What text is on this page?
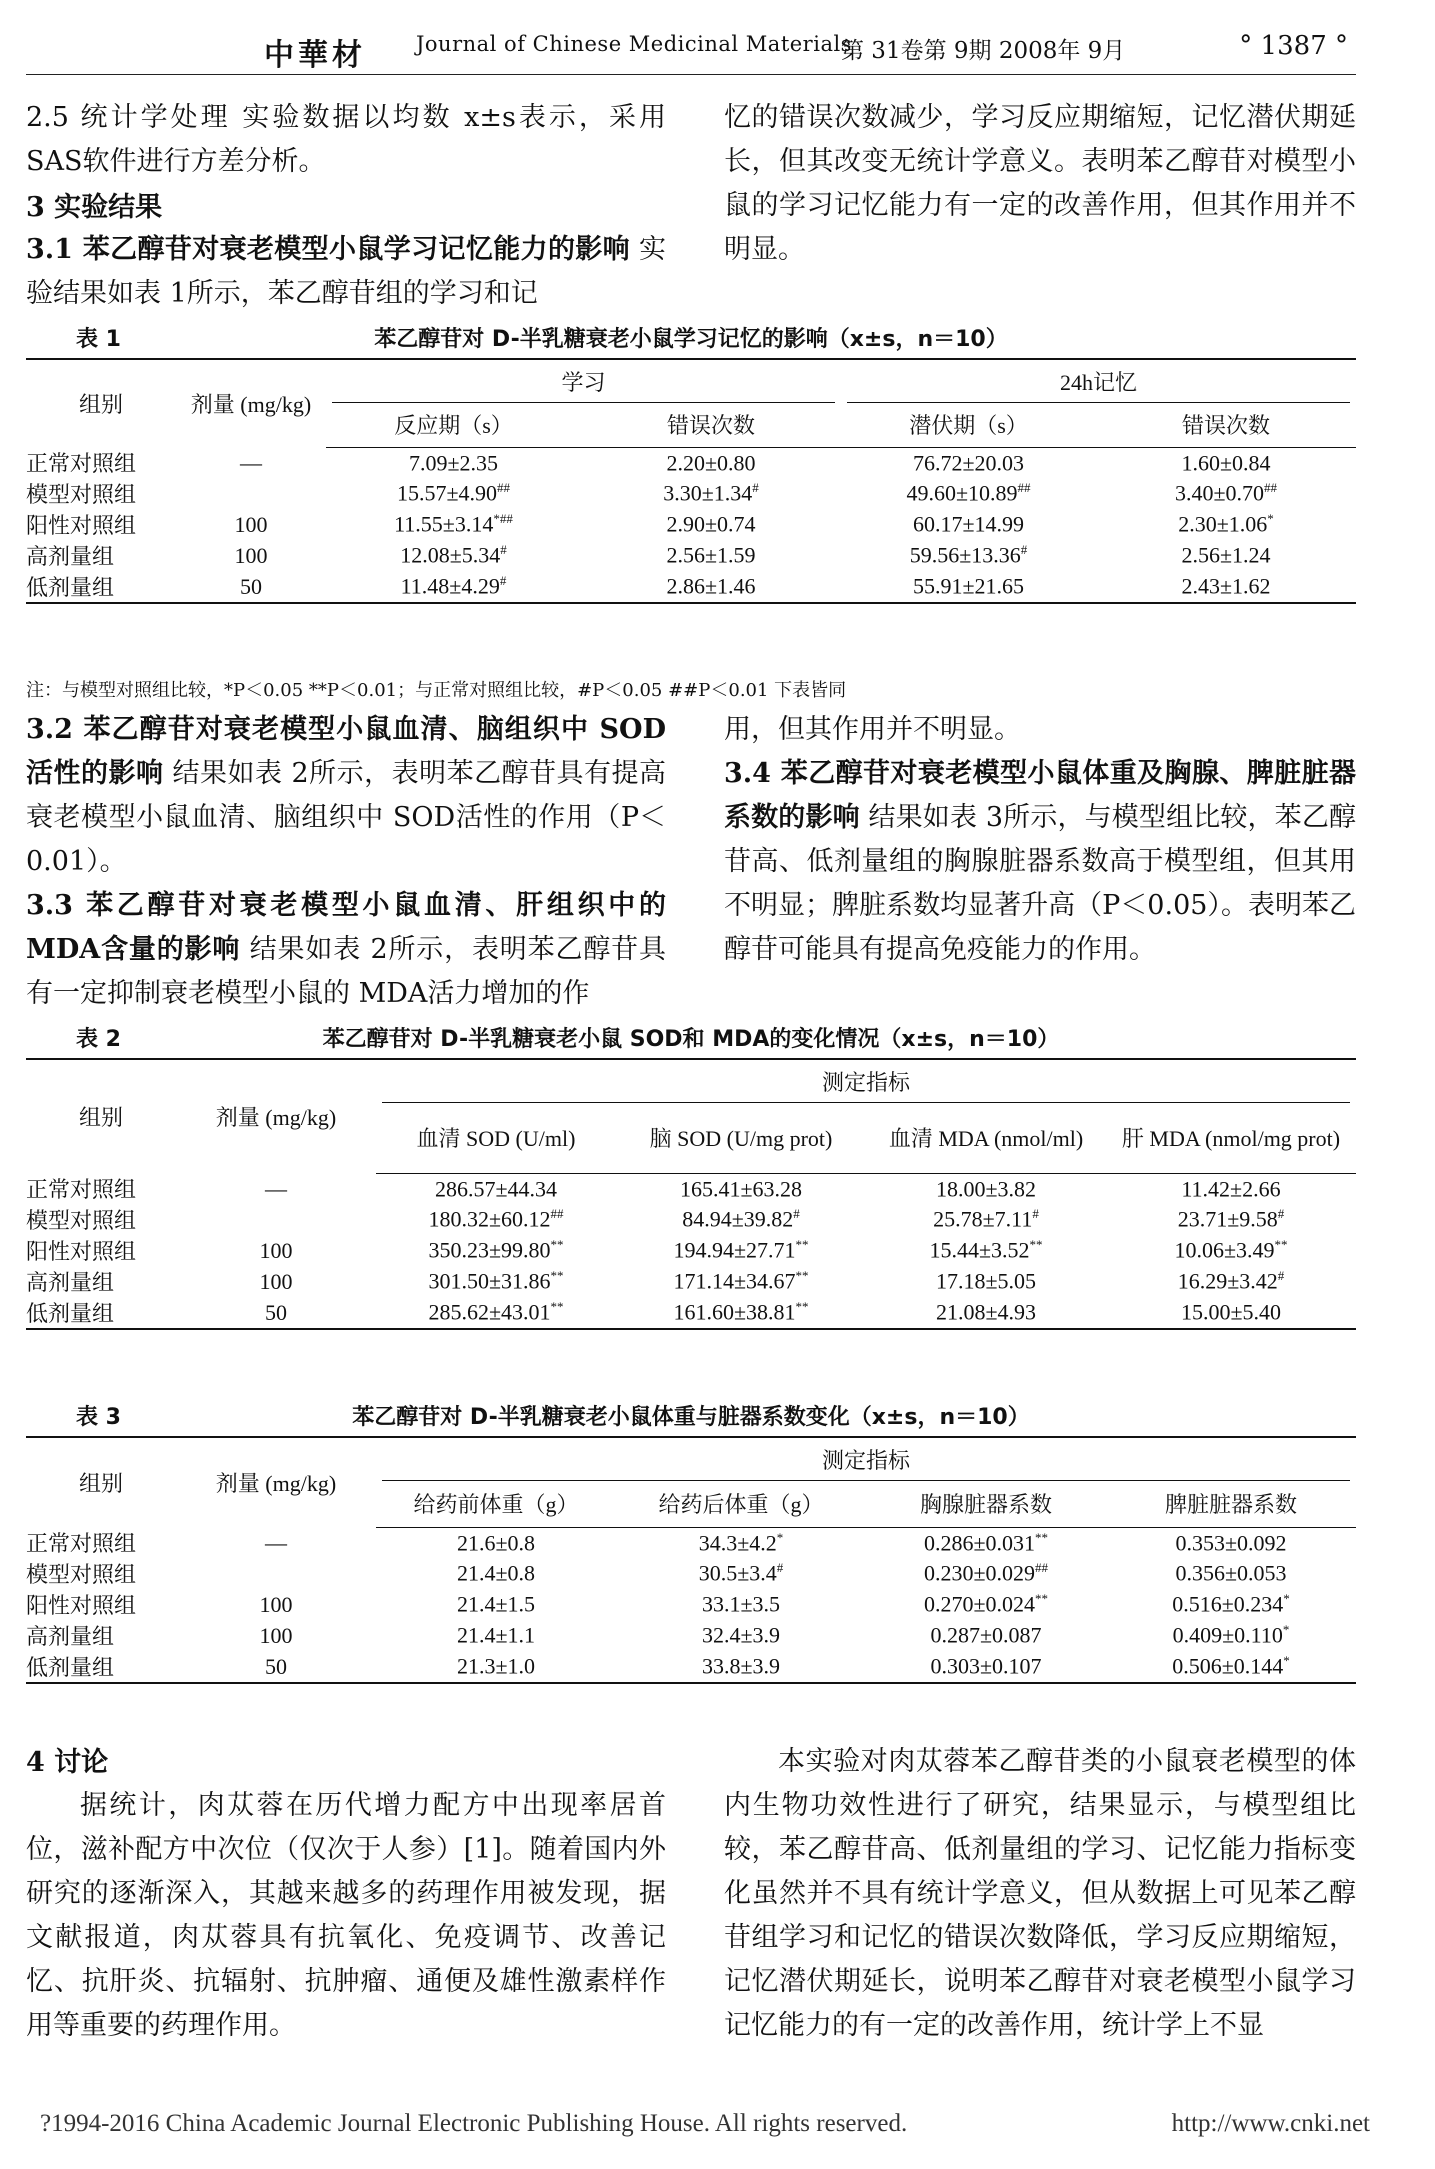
中華材 Journal of Chinese Medicinal Materials
第 31卷第 9期 2008年 9月	° 1387 °

2.5 统计学处理 实验数据以均数 x±s表示，采用 SAS软件进行方差分析。

3 实验结果

3.1 苯乙醇苷对衰老模型小鼠学习记忆能力的影响 实验结果如表 1所示，苯乙醇苷组的学习和记

忆的错误次数减少，学习反应期缩短，记忆潜伏期延长，但其改变无统计学意义。表明苯乙醇苷对模型小鼠的学习记忆能力有一定的改善作用，但其作用并不明显。

表 1	苯乙醇苷对 D-半乳糖衰老小鼠学习记忆的影响（x±s，n＝10）
组别	剂量 (mg/kg)	学习		24h记忆	
		反应期（s）	错误次数	潜伏期（s）	错误次数
正常对照组	—	7.09±2.35	2.20±0.80	76.72±20.03	1.60±0.84
模型对照组		15.57±4.90##	3.30±1.34#	49.60±10.89##	3.40±0.70##
阳性对照组	100	11.55±3.14*##	2.90±0.74	60.17±14.99	2.30±1.06*
高剂量组	100	12.08±5.34#	2.56±1.59	59.56±13.36#	2.56±1.24
低剂量组	50	11.48±4.29#	2.86±1.46	55.91±21.65	2.43±1.62
注：与模型对照组比较，*P＜0.05 **P＜0.01；与正常对照组比较，#P＜0.05 ##P＜0.01 下表皆同

3.2 苯乙醇苷对衰老模型小鼠血清、脑组织中 SOD活性的影响 结果如表 2所示，表明苯乙醇苷具有提高衰老模型小鼠血清、脑组织中 SOD活性的作用（P＜0.01）。

3.3 苯乙醇苷对衰老模型小鼠血清、肝组织中的 MDA含量的影响 结果如表 2所示，表明苯乙醇苷具有一定抑制衰老模型小鼠的 MDA活力增加的作

用，但其作用并不明显。

3.4 苯乙醇苷对衰老模型小鼠体重及胸腺、脾脏脏器系数的影响 结果如表 3所示，与模型组比较，苯乙醇苷高、低剂量组的胸腺脏器系数高于模型组，但其用不明显；脾脏系数均显著升高（P＜0.05）。表明苯乙醇苷可能具有提高免疫能力的作用。

表 2	苯乙醇苷对 D-半乳糖衰老小鼠 SOD和 MDA的变化情况（x±s，n＝10）
组别	剂量 (mg/kg)	测定指标			
		血清 SOD (U/ml)	脑 SOD (U/mg prot)	血清 MDA (nmol/ml)	肝 MDA (nmol/mg prot)
正常对照组	—	286.57±44.34	165.41±63.28	18.00±3.82	11.42±2.66
模型对照组		180.32±60.12##	84.94±39.82#	25.78±7.11#	23.71±9.58#
阳性对照组	100	350.23±99.80**	194.94±27.71**	15.44±3.52**	10.06±3.49**
高剂量组	100	301.50±31.86**	171.14±34.67**	17.18±5.05	16.29±3.42#
低剂量组	50	285.62±43.01**	161.60±38.81**	21.08±4.93	15.00±5.40
表 3	苯乙醇苷对 D-半乳糖衰老小鼠体重与脏器系数变化（x±s，n＝10）
组别	剂量 (mg/kg)	测定指标			
		给药前体重（g）	给药后体重（g）	胸腺脏器系数	脾脏脏器系数
正常对照组	—	21.6±0.8	34.3±4.2*	0.286±0.031**	0.353±0.092
模型对照组		21.4±0.8	30.5±3.4#	0.230±0.029##	0.356±0.053
阳性对照组	100	21.4±1.5	33.1±3.5	0.270±0.024**	0.516±0.234*
高剂量组	100	21.4±1.1	32.4±3.9	0.287±0.087	0.409±0.110*
低剂量组	50	21.3±1.0	33.8±3.9	0.303±0.107	0.506±0.144*
4 讨论

据统计，肉苁蓉在历代增力配方中出现率居首位，滋补配方中次位（仅次于人参）[1]。随着国内外研究的逐渐深入，其越来越多的药理作用被发现，据文献报道，肉苁蓉具有抗氧化、免疫调节、改善记忆、抗肝炎、抗辐射、抗肿瘤、通便及雄性激素样作用等重要的药理作用。

本实验对肉苁蓉苯乙醇苷类的小鼠衰老模型的体内生物功效性进行了研究，结果显示，与模型组比较，苯乙醇苷高、低剂量组的学习、记忆能力指标变化虽然并不具有统计学意义，但从数据上可见苯乙醇苷组学习和记忆的错误次数降低，学习反应期缩短，记忆潜伏期延长，说明苯乙醇苷对衰老模型小鼠学习记忆能力的有一定的改善作用，统计学上不显

?1994-2016 China Academic Journal Electronic Publishing House. All rights reserved.	http://www.cnki.net
